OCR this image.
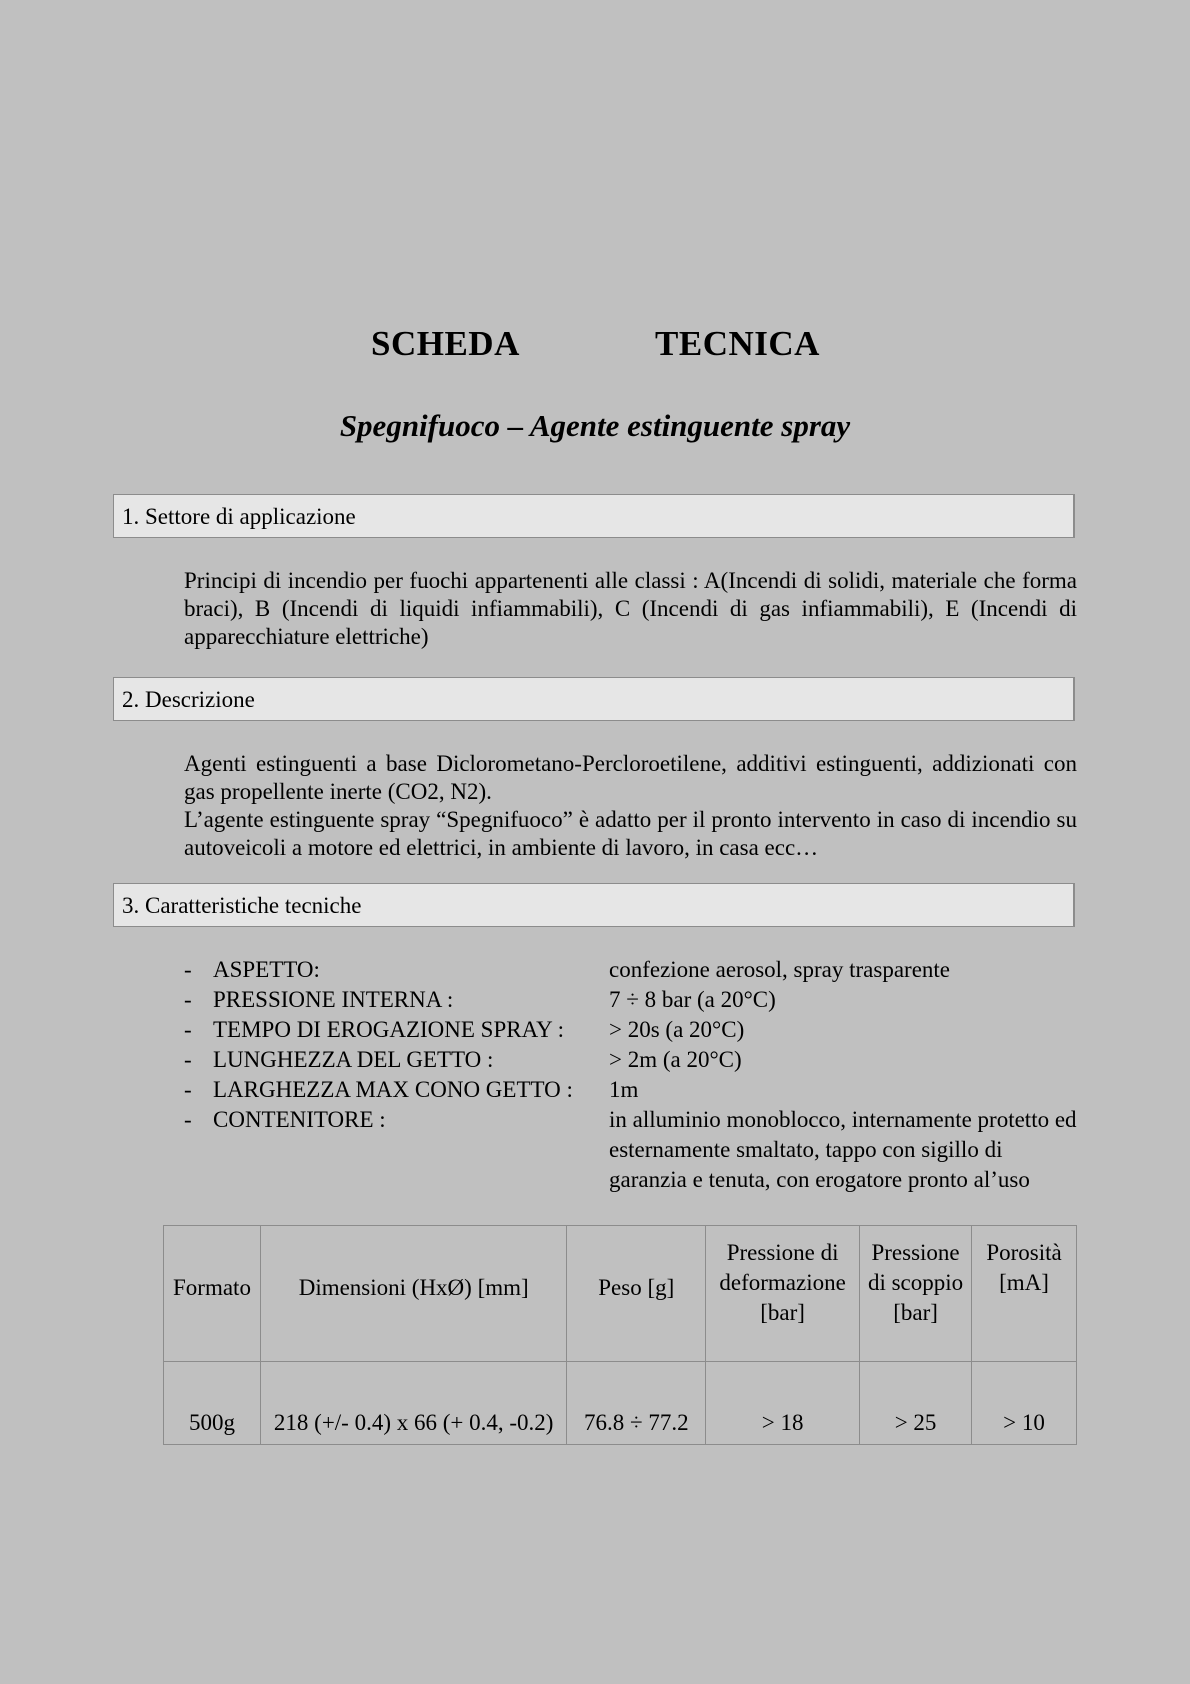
SCHEDA	TECNICA
Spegnifuoco – Agente estinguente spray
1. Settore di applicazione

Principi di incendio per fuochi appartenenti alle classi : A(Incendi di solidi, materiale che forma braci), B (Incendi di liquidi infiammabili), C (Incendi di gas infiammabili), E (Incendi di apparecchiature elettriche)

2. Descrizione

Agenti estinguenti a base Diclorometano-Percloroetilene, additivi estinguenti, addizionati con gas propellente inerte (CO2, N2).

L’agente estinguente spray “Spegnifuoco” è adatto per il pronto intervento in caso di incendio su autoveicoli a motore ed elettrici, in ambiente di lavoro, in casa ecc…

3. Caratteristiche tecniche
- ASPETTO:	confezione aerosol, spray trasparente
- PRESSIONE INTERNA :	7 ÷ 8 bar (a 20°C)
- TEMPO DI EROGAZIONE SPRAY : > 20s (a 20°C)
- LUNGHEZZA DEL GETTO :	> 2m (a 20°C)
- LARGHEZZA MAX CONO GETTO : 1m
- CONTENITORE :	in alluminio monoblocco, internamente protetto ed esternamente smaltato, tappo con sigillo di garanzia e tenuta, con erogatore pronto al’uso
Formato	Dimensioni (HxØ) [mm]	Peso [g]	Pressione di deformazione [bar]	Pressione di scoppio [bar]	Porosità [mA]
500g	218 (+/- 0.4) x 66 (+ 0.4, -0.2)	76.8 ÷ 77.2	> 18	> 25	> 10
